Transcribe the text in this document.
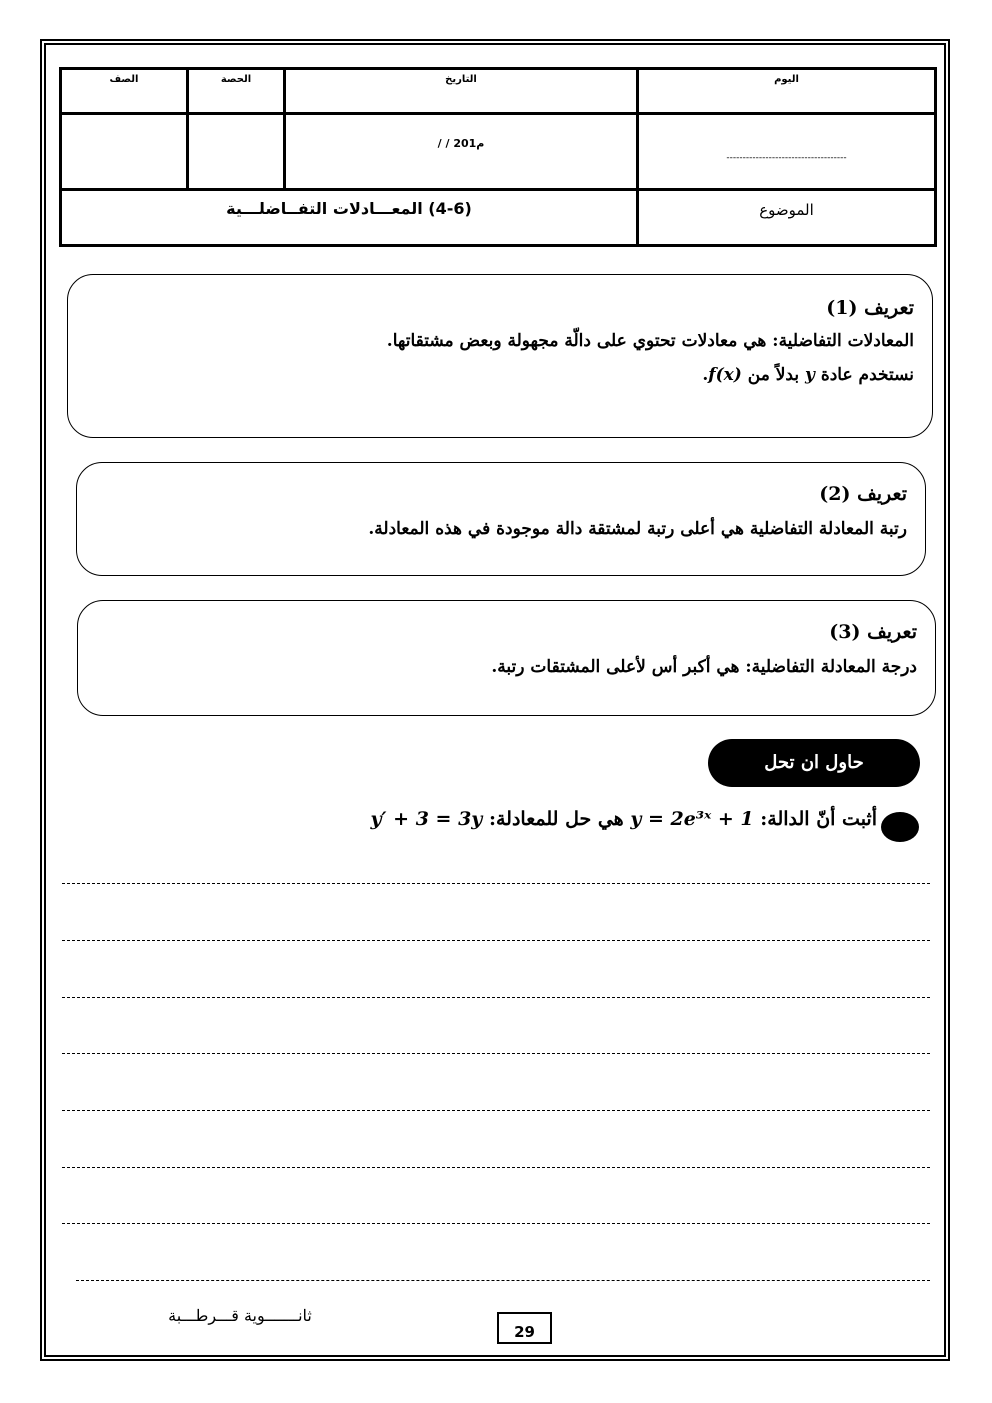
اليوم	التاريخ	الحصة	الصف

-------------------------------------	/ / 201م		

الموضوع	(4-6) المعـــادلات التفــاضلـــية		
تعريف (1)

المعادلات التفاضلية: هي معادلات تحتوي على دالّة مجهولة وبعض مشتقاتها.

نستخدم عادة y بدلاً من f(x).

تعريف (2)

رتبة المعادلة التفاضلية هي أعلى رتبة لمشتقة دالة موجودة في هذه المعادلة.

تعريف (3)

درجة المعادلة التفاضلية: هي أكبر أس لأعلى المشتقات رتبة.

حاول ان تحل
أثبت أنّ الدالة: y = 2e³ˣ + 1 هي حل للمعادلة: y′ + 3 = 3y
ثانـــــــوية قـــرطـــبة
29
